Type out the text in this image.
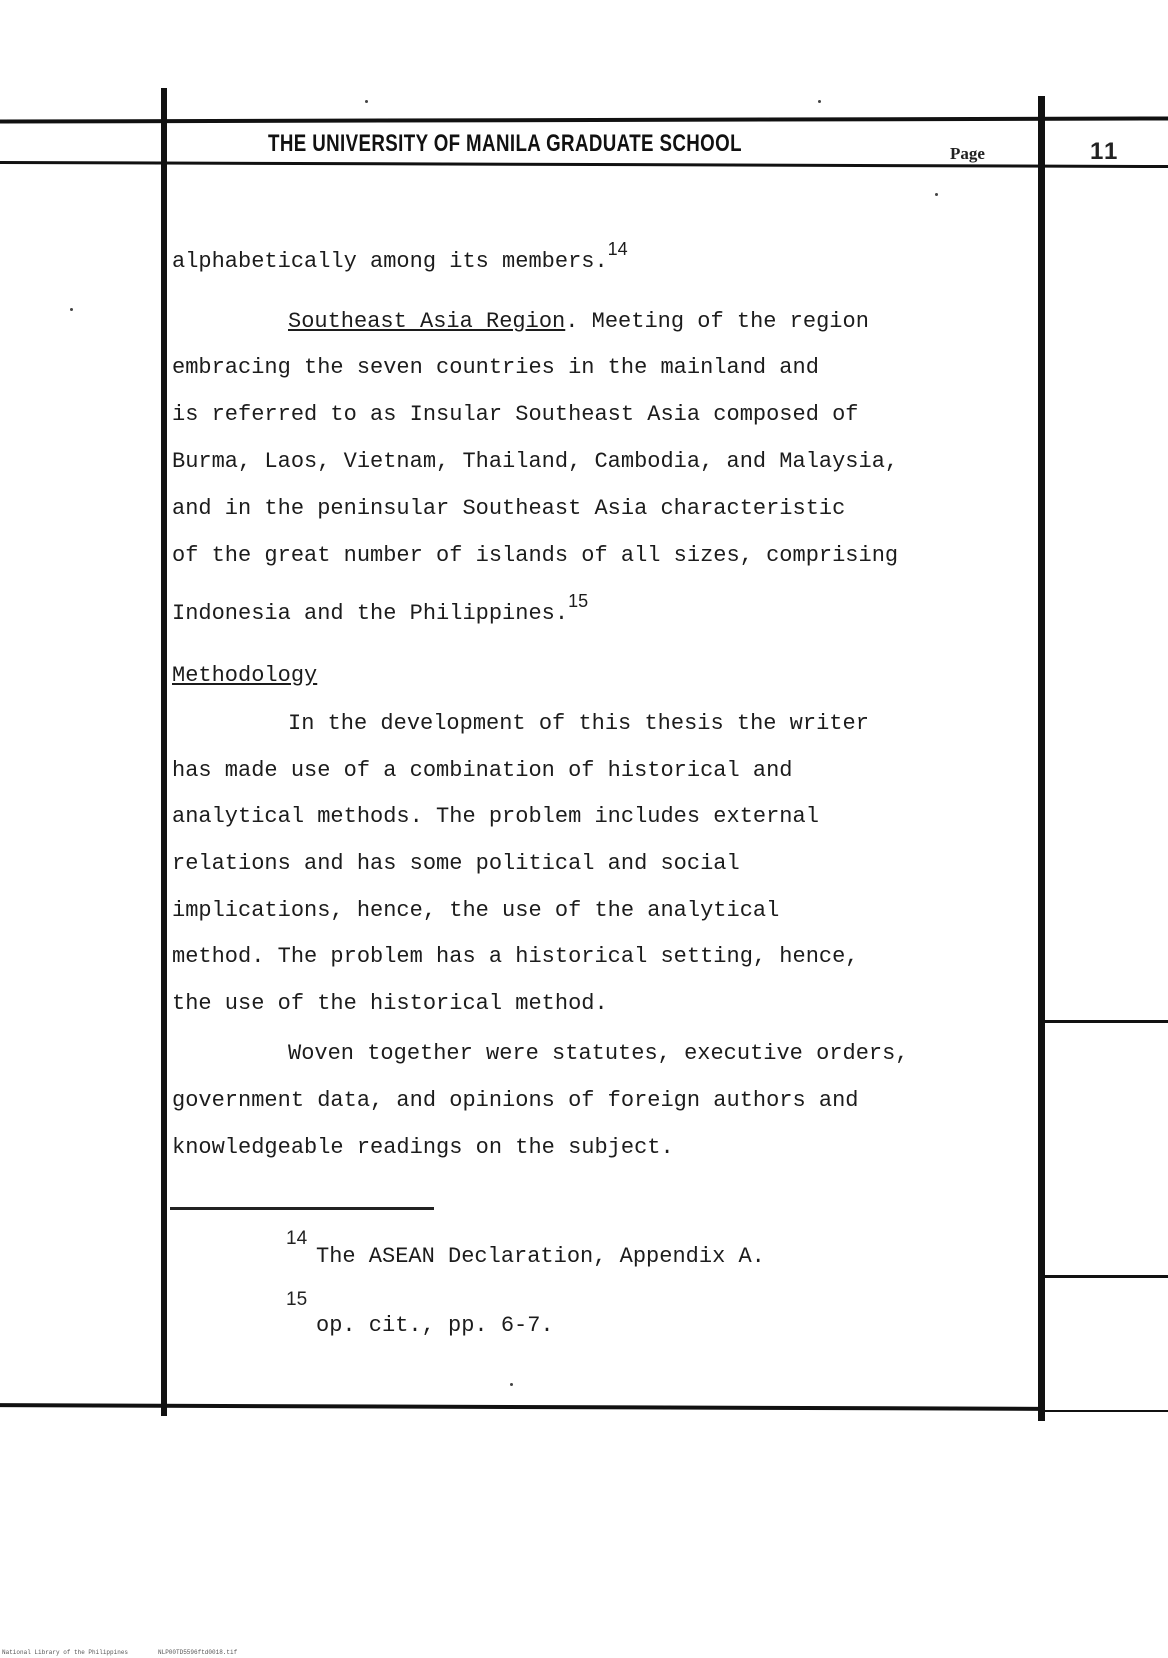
THE UNIVERSITY OF MANILA GRADUATE SCHOOL	Page	11
alphabetically among its members.$^{14}$
Southeast Asia Region. Meeting of the region
embracing the seven countries in the mainland and
is referred to as Insular Southeast Asia composed of
Burma, Laos, Vietnam, Thailand, Cambodia, and Malaysia,
and in the peninsular Southeast Asia characteristic
of the great number of islands of all sizes, comprising
Indonesia and the Philippines.$^{15}$
Methodology
In the development of this thesis the writer
has made use of a combination of historical and
analytical methods. The problem includes external
relations and has some political and social
implications, hence, the use of the analytical
method. The problem has a historical setting, hence,
the use of the historical method.
Woven together were statutes, executive orders,
government data, and opinions of foreign authors and
knowledgeable readings on the subject.
14
The ASEAN Declaration, Appendix A.
15
op. cit., pp. 6-7.
National Library of the Philippines	NLP00TD5596ftd0018.tif
